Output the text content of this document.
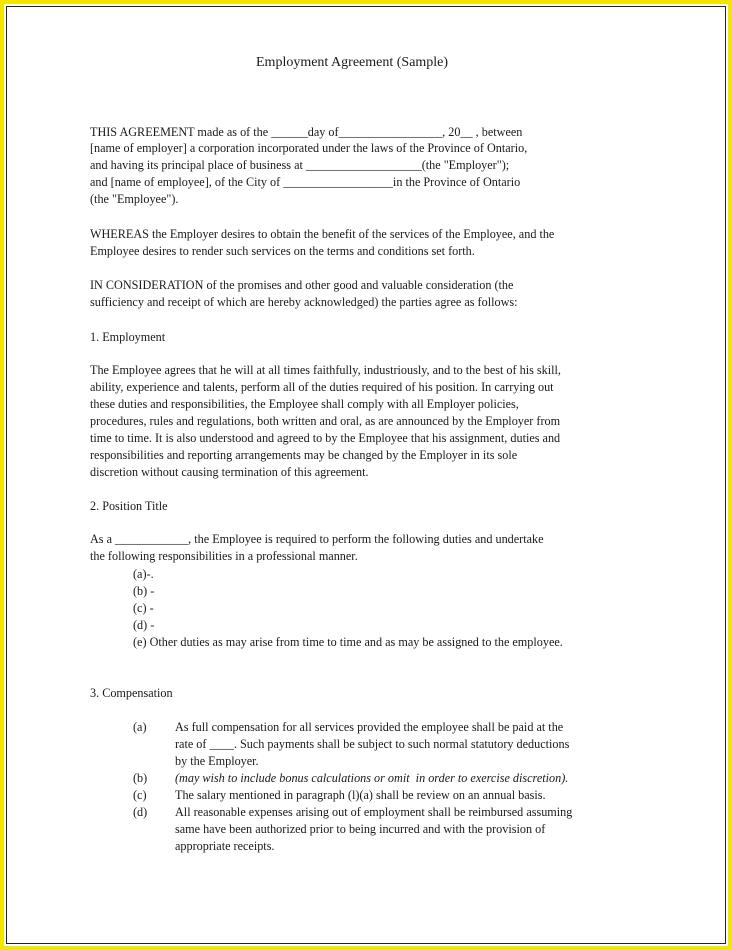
Employment Agreement (Sample)
THIS AGREEMENT made as of the ______day of_________________, 20__ , between
[name of employer] a corporation incorporated under the laws of the Province of Ontario,
and having its principal place of business at ___________________(the "Employer");
and [name of employee], of the City of __________________in the Province of Ontario
(the "Employee").
WHEREAS the Employer desires to obtain the benefit of the services of the Employee, and the
Employee desires to render such services on the terms and conditions set forth.
IN CONSIDERATION of the promises and other good and valuable consideration (the
sufficiency and receipt of which are hereby acknowledged) the parties agree as follows:
1. Employment
The Employee agrees that he will at all times faithfully, industriously, and to the best of his skill,
ability, experience and talents, perform all of the duties required of his position. In carrying out
these duties and responsibilities, the Employee shall comply with all Employer policies,
procedures, rules and regulations, both written and oral, as are announced by the Employer from
time to time. It is also understood and agreed to by the Employee that his assignment, duties and
responsibilities and reporting arrangements may be changed by the Employer in its sole
discretion without causing termination of this agreement.
2. Position Title
As a ____________, the Employee is required to perform the following duties and undertake
the following responsibilities in a professional manner.
(a)-.
(b) -
(c) -
(d) -
(e) Other duties as may arise from time to time and as may be assigned to the employee.
3. Compensation
(a) As full compensation for all services provided the employee shall be paid at the
rate of ____. Such payments shall be subject to such normal statutory deductions
by the Employer.
(b) (may wish to include bonus calculations or omit  in order to exercise discretion).
(c) The salary mentioned in paragraph (l)(a) shall be review on an annual basis.
(d) All reasonable expenses arising out of employment shall be reimbursed assuming
same have been authorized prior to being incurred and with the provision of
appropriate receipts.
